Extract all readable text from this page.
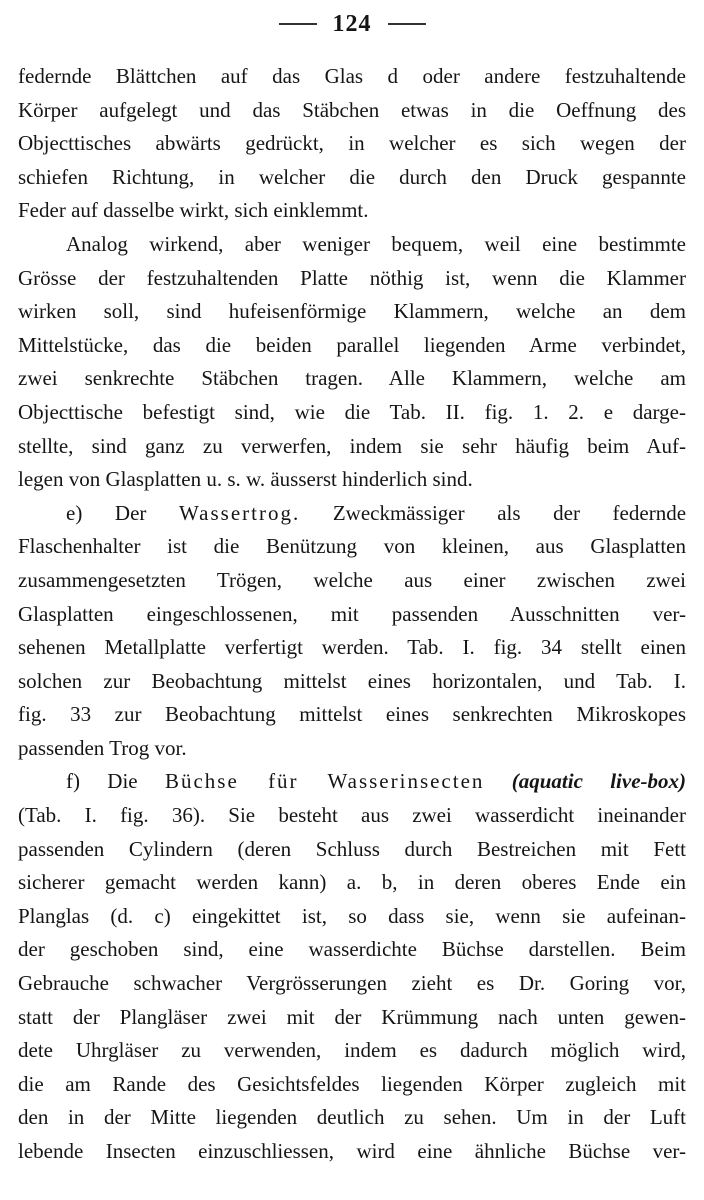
124
federnde Blättchen auf das Glas d oder andere festzuhaltende
Körper aufgelegt und das Stäbchen etwas in die Oeffnung des
Objecttisches abwärts gedrückt, in welcher es sich wegen der
schiefen Richtung, in welcher die durch den Druck gespannte
Feder auf dasselbe wirkt, sich einklemmt.
Analog wirkend, aber weniger bequem, weil eine bestimmte
Grösse der festzuhaltenden Platte nöthig ist, wenn die Klammer
wirken soll, sind hufeisenförmige Klammern, welche an dem
Mittelstücke, das die beiden parallel liegenden Arme verbindet,
zwei senkrechte Stäbchen tragen. Alle Klammern, welche am
Objecttische befestigt sind, wie die Tab. II. fig. 1. 2. e darge-
stellte, sind ganz zu verwerfen, indem sie sehr häufig beim Auf-
legen von Glasplatten u. s. w. äusserst hinderlich sind.
e) Der Wassertrog. Zweckmässiger als der federnde
Flaschenhalter ist die Benützung von kleinen, aus Glasplatten
zusammengesetzten Trögen, welche aus einer zwischen zwei
Glasplatten eingeschlossenen, mit passenden Ausschnitten ver-
sehenen Metallplatte verfertigt werden. Tab. I. fig. 34 stellt einen
solchen zur Beobachtung mittelst eines horizontalen, und Tab. I.
fig. 33 zur Beobachtung mittelst eines senkrechten Mikroskopes
passenden Trog vor.
f) Die Büchse für Wasserinsecten (aquatic live-box)
(Tab. I. fig. 36). Sie besteht aus zwei wasserdicht ineinander
passenden Cylindern (deren Schluss durch Bestreichen mit Fett
sicherer gemacht werden kann) a. b, in deren oberes Ende ein
Planglas (d. c) eingekittet ist, so dass sie, wenn sie aufeinan-
der geschoben sind, eine wasserdichte Büchse darstellen. Beim
Gebrauche schwacher Vergrösserungen zieht es Dr. Goring vor,
statt der Plangläser zwei mit der Krümmung nach unten gewen-
dete Uhrgläser zu verwenden, indem es dadurch möglich wird,
die am Rande des Gesichtsfeldes liegenden Körper zugleich mit
den in der Mitte liegenden deutlich zu sehen. Um in der Luft
lebende Insecten einzuschliessen, wird eine ähnliche Büchse ver-
